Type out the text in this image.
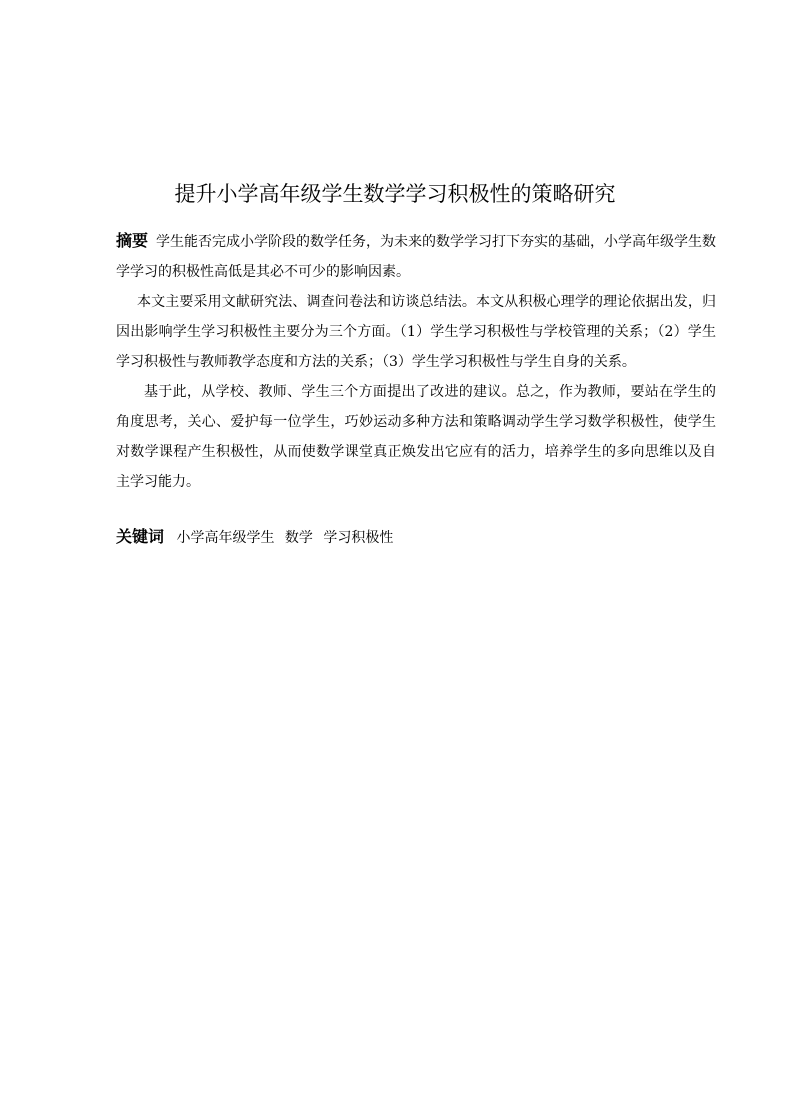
提升小学高年级学生数学学习积极性的策略研究

摘要 学生能否完成小学阶段的数学任务，为未来的数学学习打下夯实的基础，小学高年级学生数学学习的积极性高低是其必不可少的影响因素。

本文主要采用文献研究法、调查问卷法和访谈总结法。本文从积极心理学的理论依据出发，归因出影响学生学习积极性主要分为三个方面。（1）学生学习积极性与学校管理的关系；（2）学生学习积极性与教师教学态度和方法的关系；（3）学生学习积极性与学生自身的关系。

基于此，从学校、教师、学生三个方面提出了改进的建议。总之，作为教师，要站在学生的角度思考，关心、爱护每一位学生，巧妙运动多种方法和策略调动学生学习数学积极性，使学生对数学课程产生积极性，从而使数学课堂真正焕发出它应有的活力，培养学生的多向思维以及自主学习能力。

关键词 小学高年级学生 数学 学习积极性
